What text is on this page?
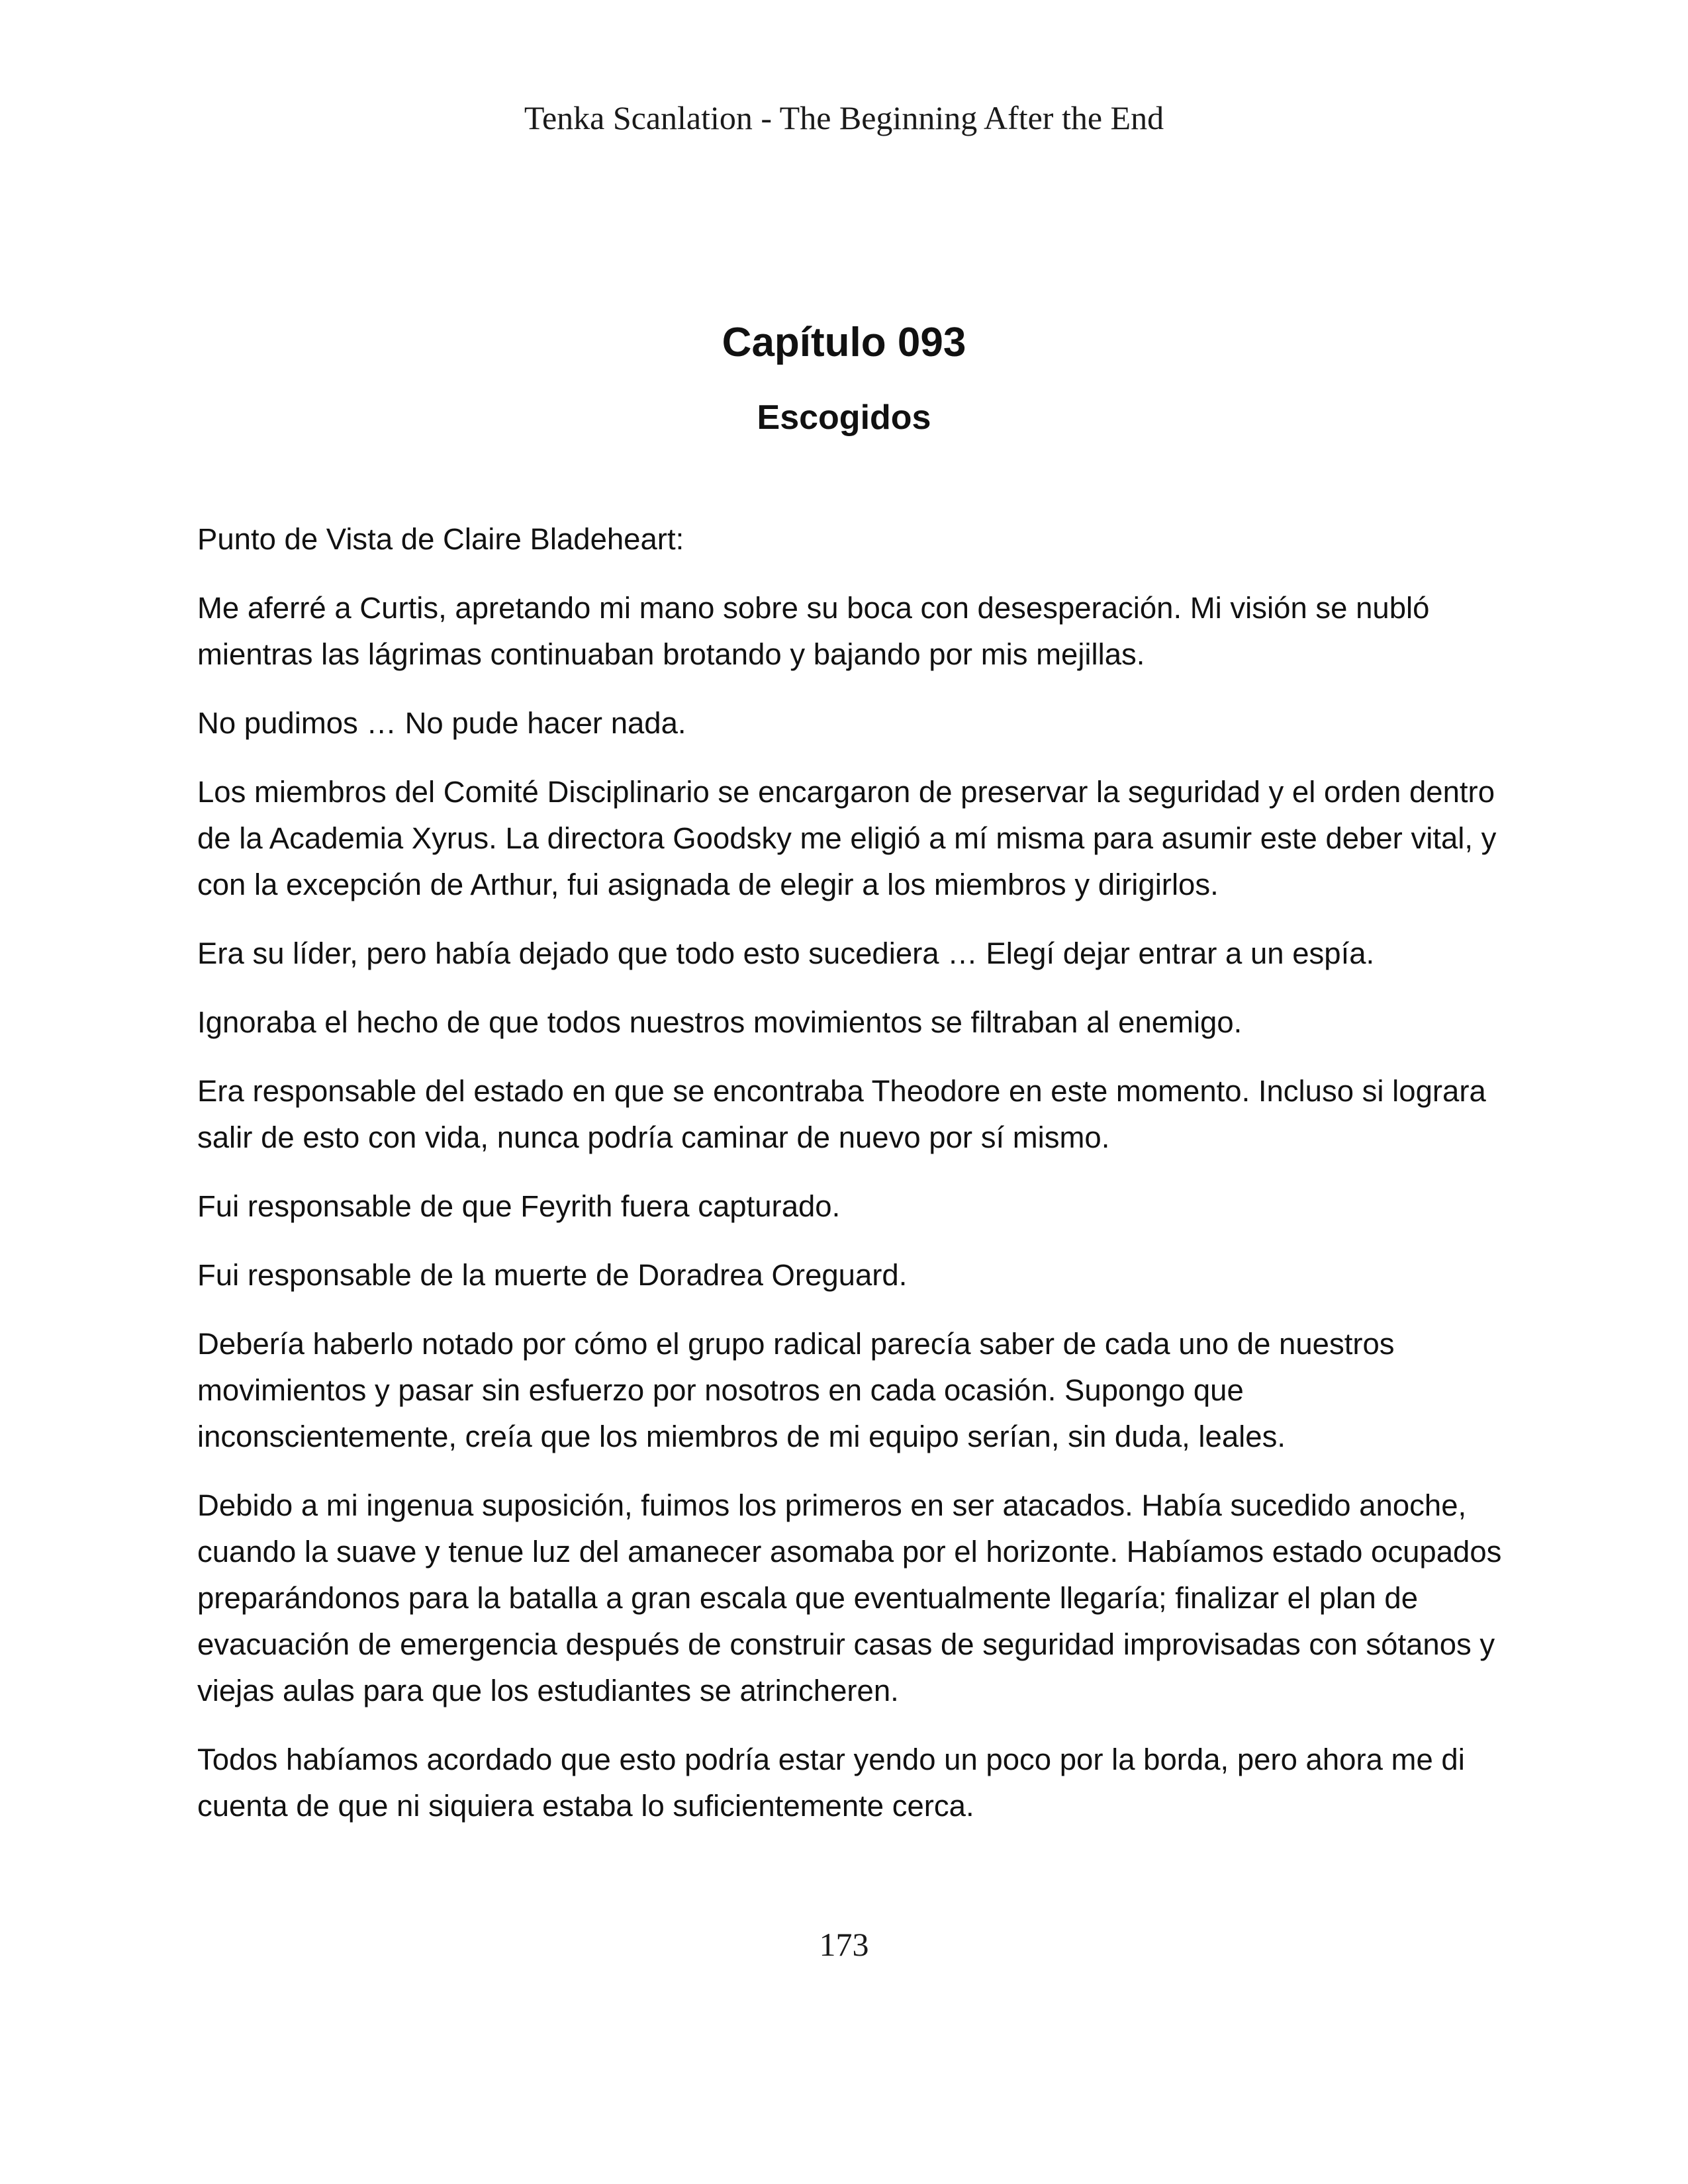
Tenka Scanlation - The Beginning After the End
Capítulo 093
Escogidos

Punto de Vista de Claire Bladeheart:

Me aferré a Curtis, apretando mi mano sobre su boca con desesperación. Mi visión se nubló mientras las lágrimas continuaban brotando y bajando por mis mejillas.

No pudimos … No pude hacer nada.

Los miembros del Comité Disciplinario se encargaron de preservar la seguridad y el orden dentro de la Academia Xyrus. La directora Goodsky me eligió a mí misma para asumir este deber vital, y con la excepción de Arthur, fui asignada de elegir a los miembros y dirigirlos.

Era su líder, pero había dejado que todo esto sucediera … Elegí dejar entrar a un espía.

Ignoraba el hecho de que todos nuestros movimientos se filtraban al enemigo.

Era responsable del estado en que se encontraba Theodore en este momento. Incluso si lograra salir de esto con vida, nunca podría caminar de nuevo por sí mismo.

Fui responsable de que Feyrith fuera capturado.

Fui responsable de la muerte de Doradrea Oreguard.

Debería haberlo notado por cómo el grupo radical parecía saber de cada uno de nuestros movimientos y pasar sin esfuerzo por nosotros en cada ocasión. Supongo que inconscientemente, creía que los miembros de mi equipo serían, sin duda, leales.

Debido a mi ingenua suposición, fuimos los primeros en ser atacados. Había sucedido anoche, cuando la suave y tenue luz del amanecer asomaba por el horizonte. Habíamos estado ocupados preparándonos para la batalla a gran escala que eventualmente llegaría; finalizar el plan de evacuación de emergencia después de construir casas de seguridad improvisadas con sótanos y viejas aulas para que los estudiantes se atrincheren.

Todos habíamos acordado que esto podría estar yendo un poco por la borda, pero ahora me di cuenta de que ni siquiera estaba lo suficientemente cerca.

173
